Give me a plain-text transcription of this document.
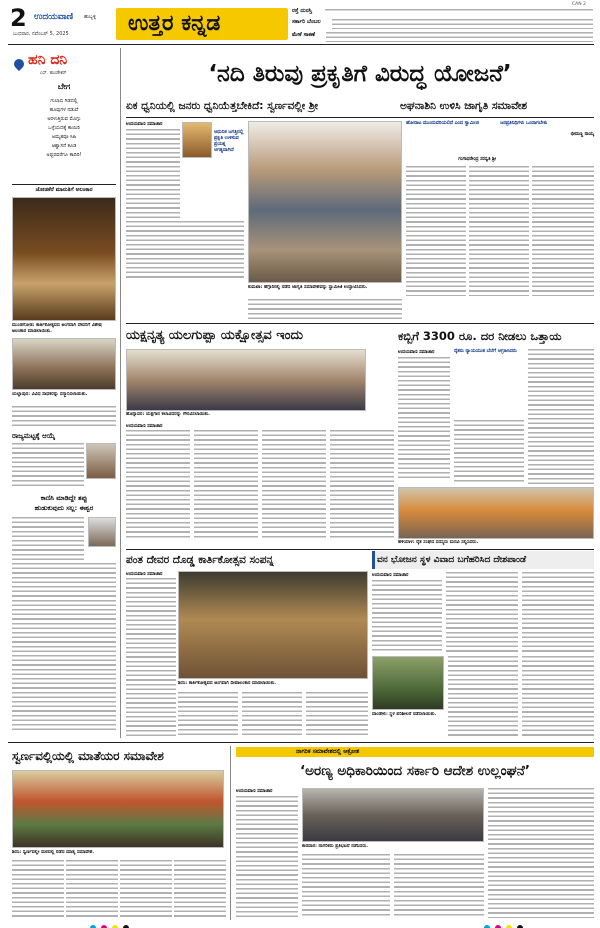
2 ಉದಯವಾಣಿ ಹುಬ್ಬಳ್ಳಿ
ಬುಧವಾರ, ನವೆಂಬರ್ 5, 2025	ಉತ್ತರ ಕನ್ನಡ
CAN 2
ರಸ್ತೆ ದುರಸ್ತಿ
ಸರ್ಕಾರಿ ಬೆಂಬಲ
ಮೇಕೆ ಸಾಕಣೆ
ಹನಿ ದನಿ
ಎಸ್. ಹುಂಡೇಕರ್
ಬೇಗ
ಗುಲಾಬಿ ಗಿಡದಲ್ಲಿ
ಹೂವುಗಳ ನಡುವೆ
ಅರಳುತ್ತಿರುವ ಮೊಗ್ಗು
ಒಳ್ಳೆಯದಕ್ಕೆ ಕಾಯಿರಿ
ಅಮೃತವೂ ಸಿಹಿ
ಆಶ್ವಾಸನೆ ಕೂಡ
ಅಷ್ಟರವರೆಗೂ ಕಾದಿರಿ!
ಜೋಡಕೆರೆ ಮಾರುತಿಗೆ ಅಲಂಕಾರ
ಮುಂಡಗೋಡ: ಕಾರ್ತಿಕೋತ್ಸವದ ಅಂಗವಾಗಿ ದೇವರಿಗೆ ವಿಶೇಷ ಅಲಂಕಾರ ಮಾಡಲಾಯಿತು.
ಯಲ್ಲಾಪುರ: ವಿವಿಧ ಸಾಧಕರನ್ನು ಸನ್ಮಾನಿಸಲಾಯಿತು.
ರಾಜ್ಯಮಟ್ಟಕ್ಕೆ ಆಯ್ಕೆ
ಕಾಣಿಸಿ ಮಾಡಿದ್ದೇ ತಪ್ಪು
ಹುಡುಕುವುದು ಸಲ್ಲ: ಈಶ್ವರ
‘ನದಿ ತಿರುವು ಪ್ರಕೃತಿಗೆ ವಿರುದ್ಧ ಯೋಜನೆ’
ಏಕ ಧ್ವನಿಯಲ್ಲಿ ಜನರು ಧ್ವನಿಯೆತ್ತಬೇಕಿದೆ: ಸ್ವರ್ಣವಲ್ಲೀ ಶ್ರೀ	ಅಘನಾಶಿನಿ ಉಳಿಸಿ ಜಾಗೃತಿ ಸಮಾವೇಶ
ಉದಯವಾಣಿ ಸಮಾಚಾರ
ಆಧುನಿಕ ಜಗತ್ತಿನಲ್ಲಿ ಪ್ರಕೃತಿ ಉಳಿಸುವ ಪ್ರಯತ್ನ ಅಗತ್ಯವಾಗಿದೆ
ಕುಮಟಾ: ಹೆಗ್ಗಾರಿನಲ್ಲಿ ನಡೆದ ಜಾಗೃತಿ ಸಮಾವೇಶವನ್ನು ಸ್ವಾಮೀಜಿ ಉದ್ಘಾಟಿಸಿದರು.
ಹೋರಾಟ ಮುಂದುವರಿಯಲಿದೆ ಎಂದ ಸ್ವಾಮೀಜಿ	ಜನಪ್ರತಿನಿಧಿಗಳು ಒಂದಾಗಬೇಕು
ಭೀಮಣ್ಣ ನಾಯ್ಕ
ಗಂಗಾಧರೇಂದ್ರ ಸರಸ್ವತಿ ಶ್ರೀ
ಯಕ್ಷನೃತ್ಯ ಯಲಗುಪ್ಪಾ ಯಕ್ಷೋತ್ಸವ ಇಂದು
ಹೊನ್ನಾವರ: ಯಕ್ಷಗಾನ ಕಲಾವಿದರನ್ನು ಗೌರವಿಸಲಾಯಿತು.
ಉದಯವಾಣಿ ಸಮಾಚಾರ
ಕಬ್ಬಿಗೆ 3300 ರೂ. ದರ ನೀಡಲು ಒತ್ತಾಯ
ಉದಯವಾಣಿ ಸಮಾಚಾರ	ರೈತರು ನ್ಯಾಯಯುತ ಬೆಲೆಗೆ ಆಗ್ರಹಿಸಿದರು
ಹಳಿಯಾಳ: ರೈತ ಸಂಘದ ಸದಸ್ಯರು ಮನವಿ ಸಲ್ಲಿಸಿದರು.
ಪಂತ ದೇವರ ದೊಡ್ಡ ಕಾರ್ತಿಕೋತ್ಸವ ಸಂಪನ್ನ
ಉದಯವಾಣಿ ಸಮಾಚಾರ
ಶಿರಸಿ: ಕಾರ್ತಿಕೋತ್ಸವದ ಅಂಗವಾಗಿ ದೀಪಾಲಂಕಾರ ಮಾಡಲಾಯಿತು.
ವನ ಭೋಜನ ಸ್ಥಳ ವಿವಾದ ಬಗೆಹರಿಸಿದ ದೇಶಪಾಂಡೆ
ಉದಯವಾಣಿ ಸಮಾಚಾರ
ದಾಂಡೇಲಿ: ಸ್ಥಳ ಪರಿಶೀಲನೆ ನಡೆಸಲಾಯಿತು.
ಸ್ವರ್ಣವಲ್ಲಿಯಲ್ಲಿ ಮಾತೆಯರ ಸಮಾವೇಶ
ಶಿರಸಿ: ಸ್ವರ್ಣವಲ್ಲೀ ಮಠದಲ್ಲಿ ನಡೆದ ಮಾತೃ ಸಮಾವೇಶ.
ನಾಗರಿಕ ಸಮಾವೇಶದಲ್ಲಿ ಆಕ್ರೋಶ
‘ಅರಣ್ಯ ಅಧಿಕಾರಿಯಿಂದ ಸರ್ಕಾರಿ ಆದೇಶ ಉಲ್ಲಂಘನೆ’
ಉದಯವಾಣಿ ಸಮಾಚಾರ
ಕಾರವಾರ: ನಾಗರಿಕರು ಪ್ರತಿಭಟನೆ ನಡೆಸಿದರು.
